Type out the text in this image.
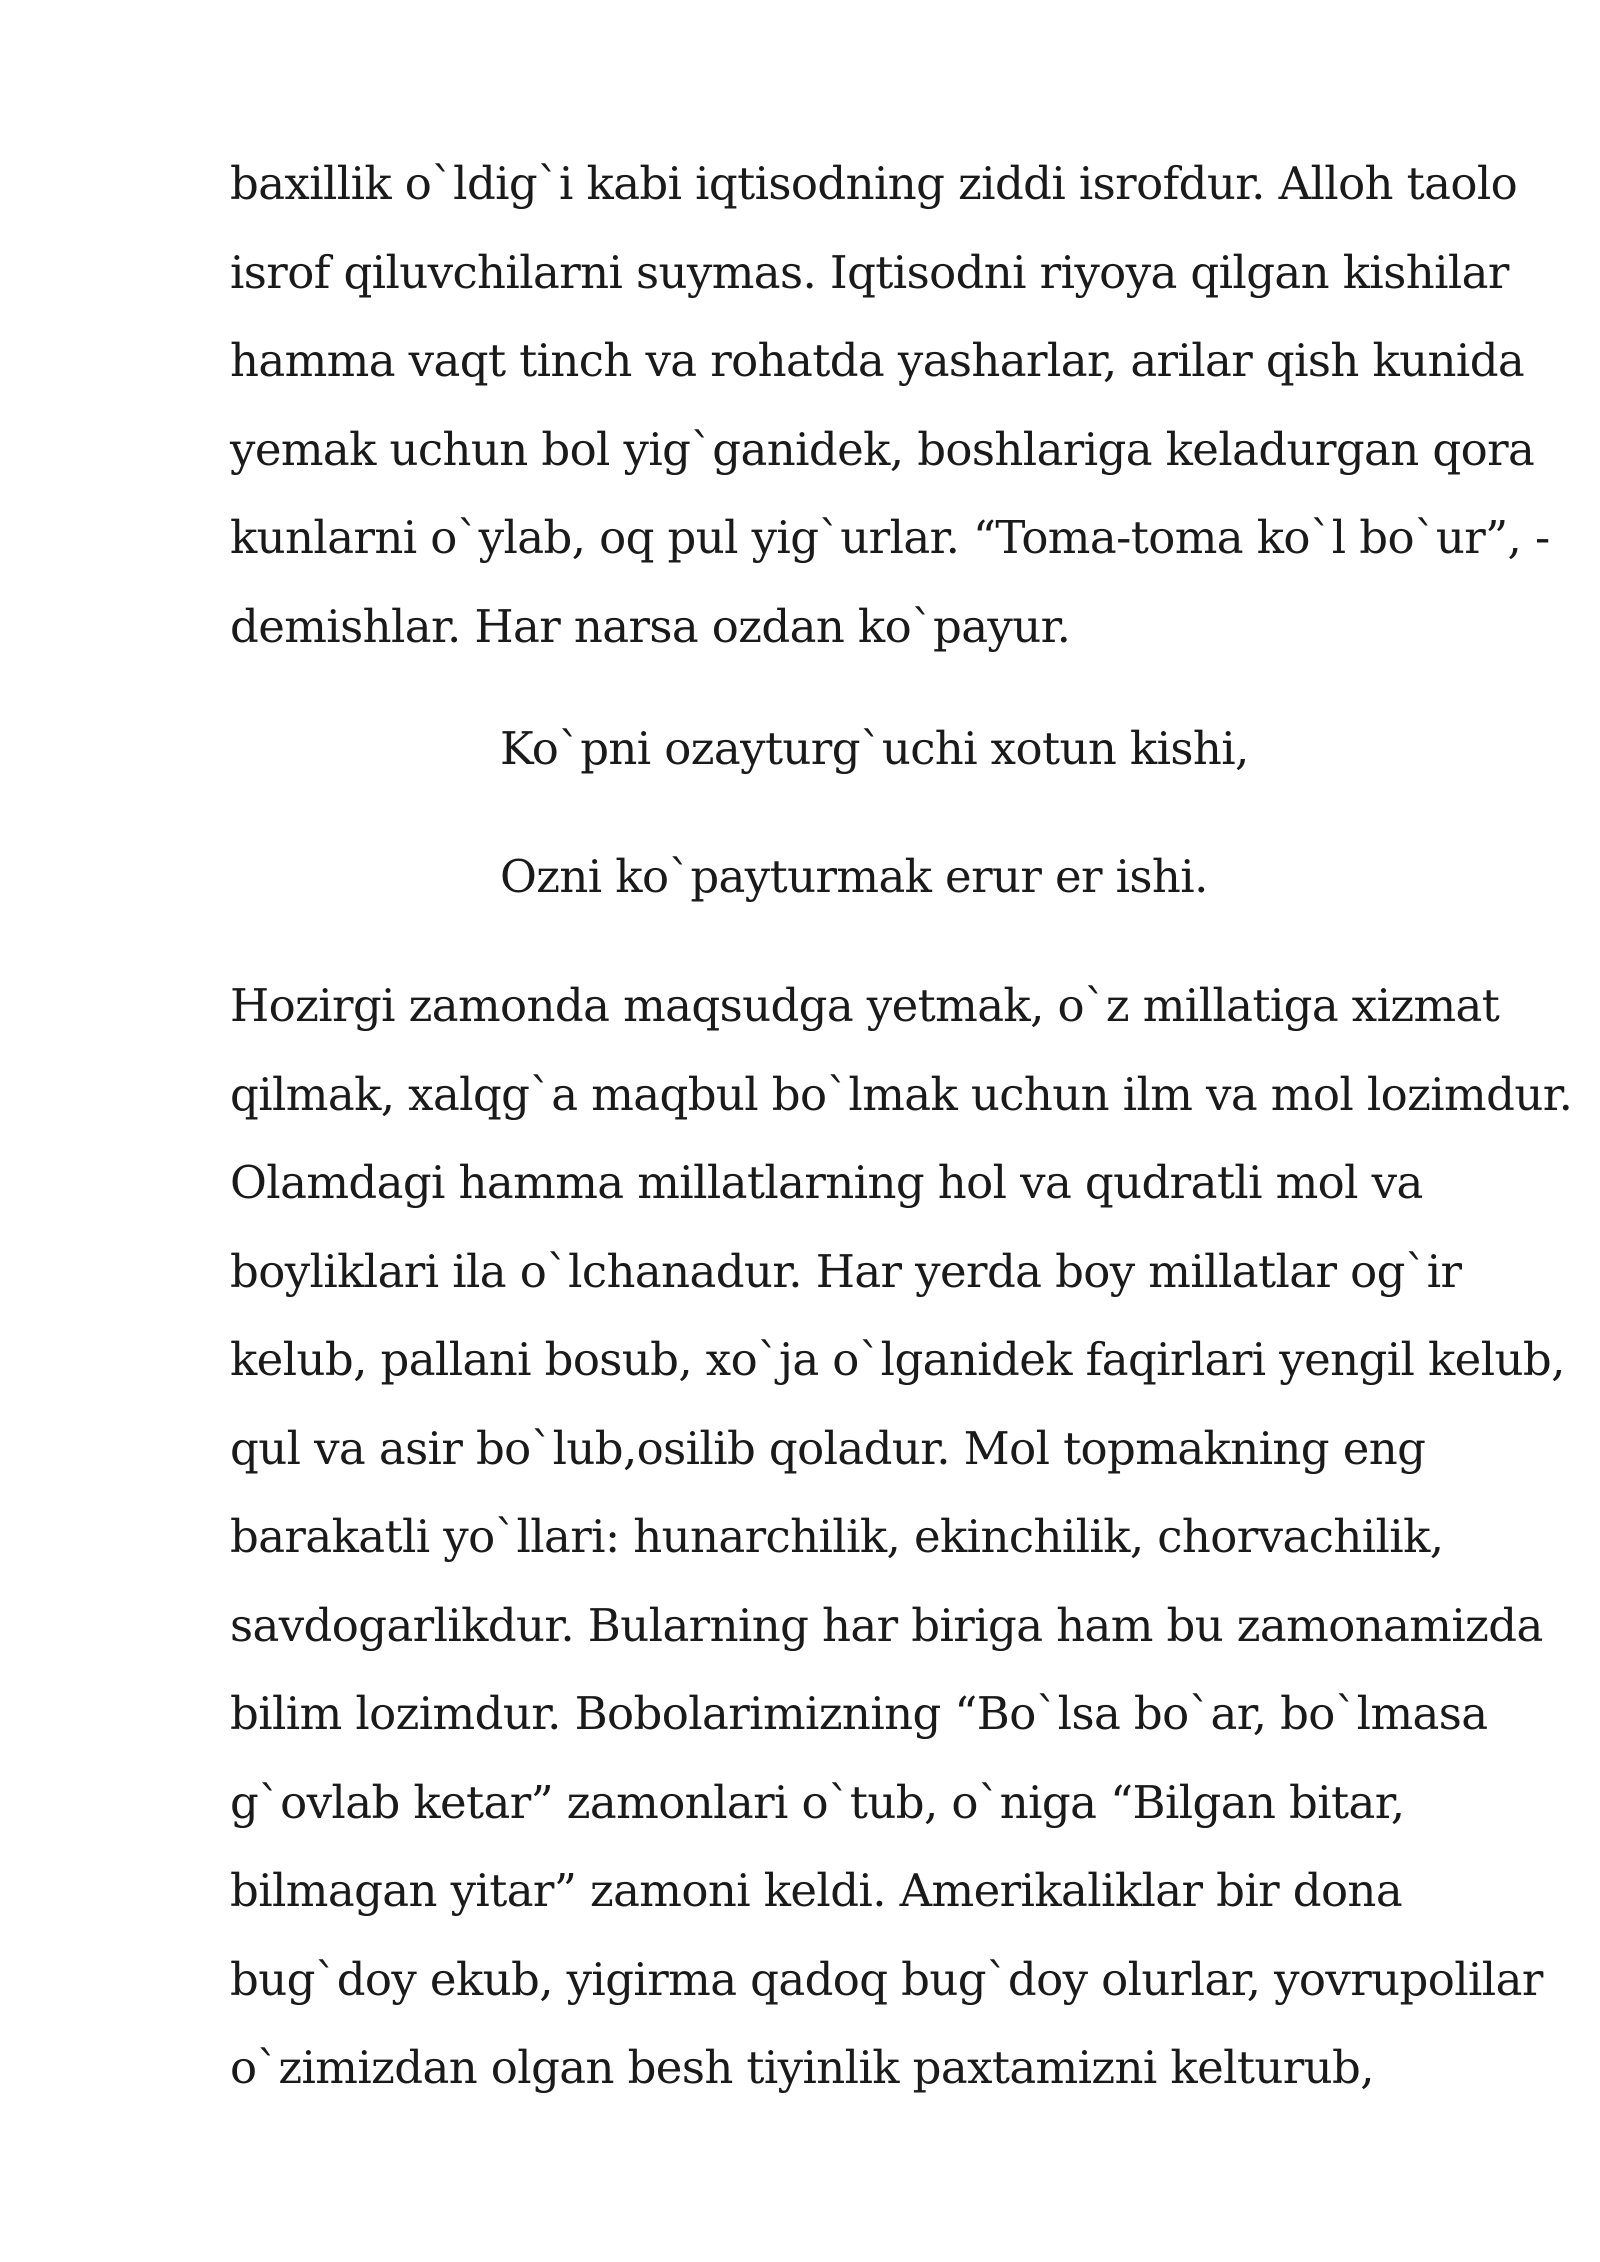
baxillik o`ldig`i kabi iqtisodning ziddi isrofdur. Alloh taolo
isrof qiluvchilarni suymas. Iqtisodni riyoya qilgan kishilar
hamma vaqt tinch va rohatda yasharlar, arilar qish kunida
yemak uchun bol yig`ganidek, boshlariga keladurgan qora
kunlarni o`ylab, oq pul yig`urlar. “Toma-toma ko`l bo`ur”, -
demishlar. Har narsa ozdan ko`payur.
Ko`pni ozayturg`uchi xotun kishi,
Ozni ko`payturmak erur er ishi.
Hozirgi zamonda maqsudga yetmak, o`z millatiga xizmat
qilmak, xalqg`a maqbul bo`lmak uchun ilm va mol lozimdur.
Olamdagi hamma millatlarning hol va qudratli mol va
boyliklari ila o`lchanadur. Har yerda boy millatlar og`ir
kelub, pallani bosub, xo`ja o`lganidek faqirlari yengil kelub,
qul va asir bo`lub,osilib qoladur. Mol topmakning eng
barakatli yo`llari: hunarchilik, ekinchilik, chorvachilik,
savdogarlikdur. Bularning har biriga ham bu zamonamizda
bilim lozimdur. Bobolarimizning “Bo`lsa bo`ar, bo`lmasa
g`ovlab ketar” zamonlari o`tub, o`niga “Bilgan bitar,
bilmagan yitar” zamoni keldi. Amerikaliklar bir dona
bug`doy ekub, yigirma qadoq bug`doy olurlar, yovrupolilar
o`zimizdan olgan besh tiyinlik paxtamizni kelturub,
